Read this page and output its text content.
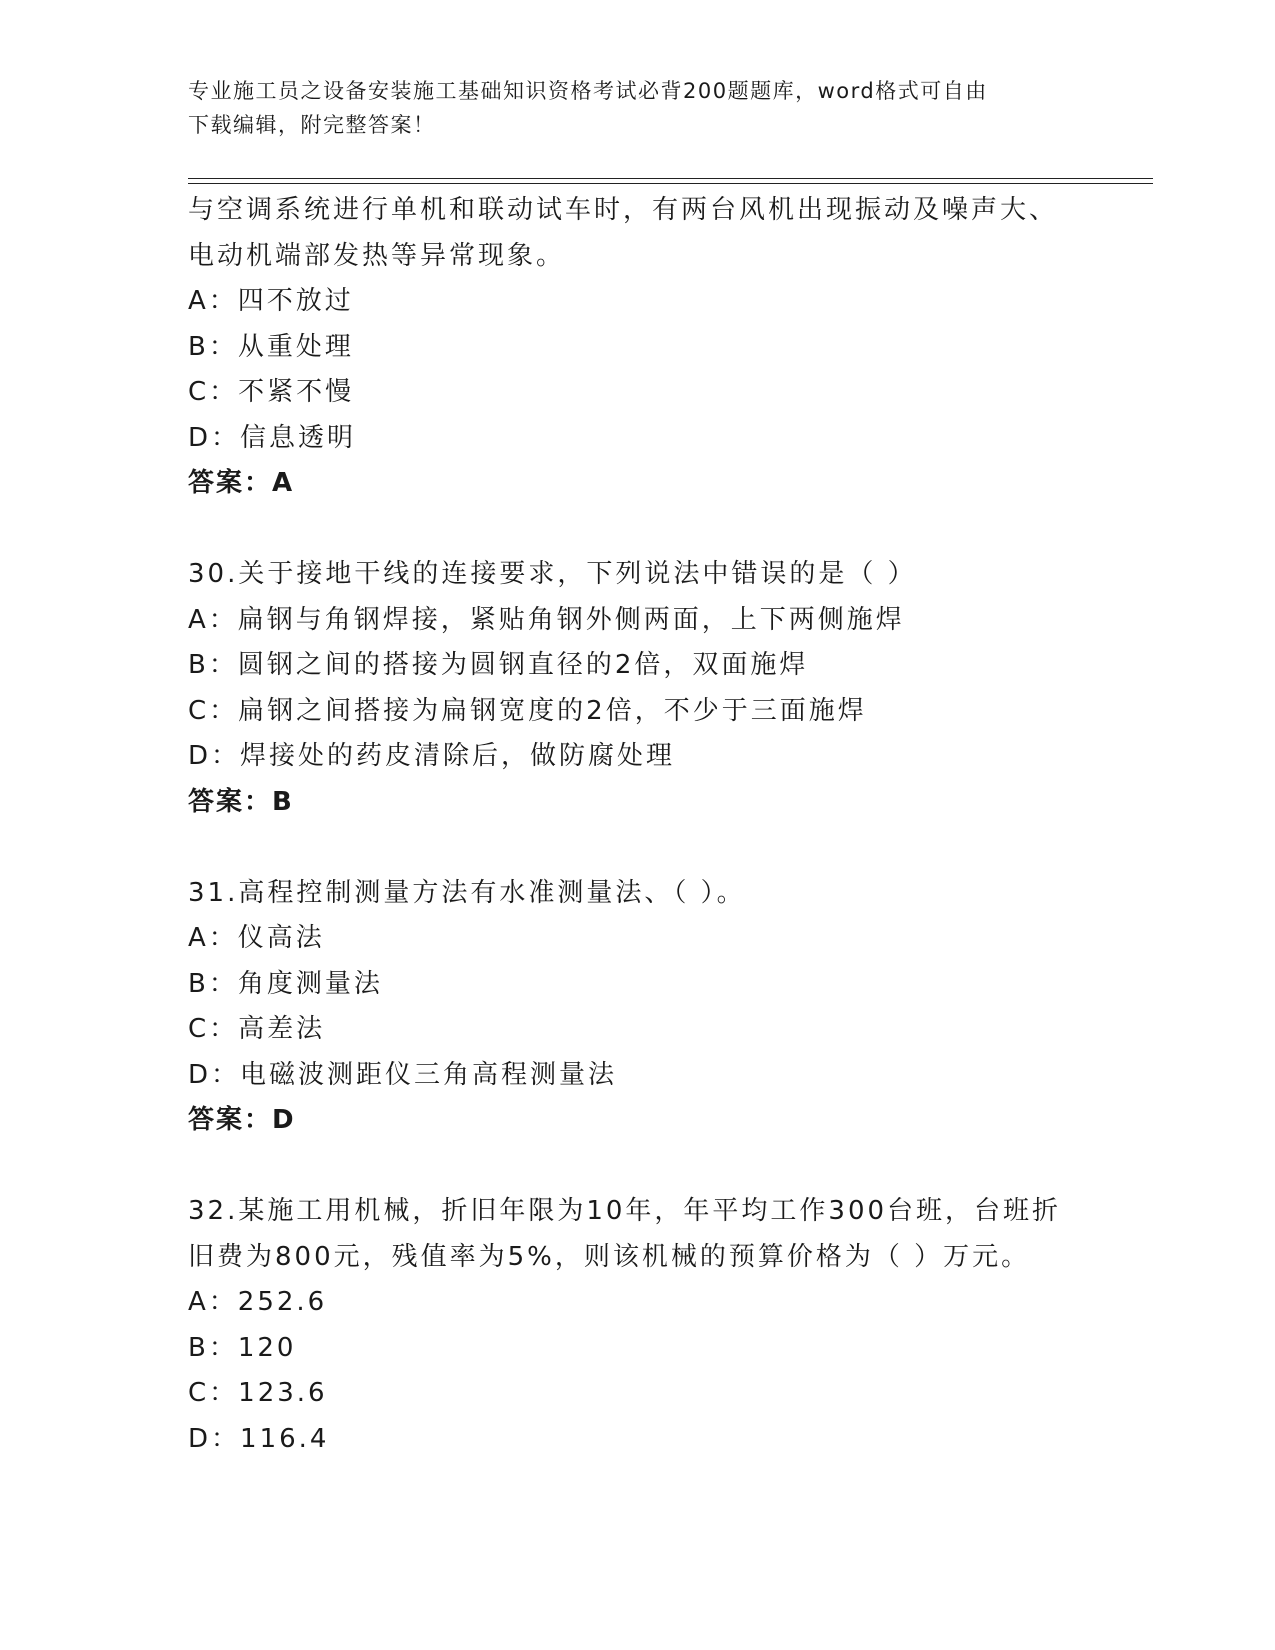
专业施工员之设备安装施工基础知识资格考试必背200题题库，word格式可自由
下载编辑，附完整答案！
与空调系统进行单机和联动试车时，有两台风机出现振动及噪声大、
电动机端部发热等异常现象。
A：四不放过
B：从重处理
C：不紧不慢
D：信息透明
答案：A
30.关于接地干线的连接要求，下列说法中错误的是（ ）
A：扁钢与角钢焊接，紧贴角钢外侧两面，上下两侧施焊
B：圆钢之间的搭接为圆钢直径的2倍，双面施焊
C：扁钢之间搭接为扁钢宽度的2倍，不少于三面施焊
D：焊接处的药皮清除后，做防腐处理
答案：B
31.高程控制测量方法有水准测量法、（ ）。
A：仪高法
B：角度测量法
C：高差法
D：电磁波测距仪三角高程测量法
答案：D
32.某施工用机械，折旧年限为10年，年平均工作300台班，台班折
旧费为800元，残值率为5%，则该机械的预算价格为（ ）万元。
A：252.6
B：120
C：123.6
D：116.4
